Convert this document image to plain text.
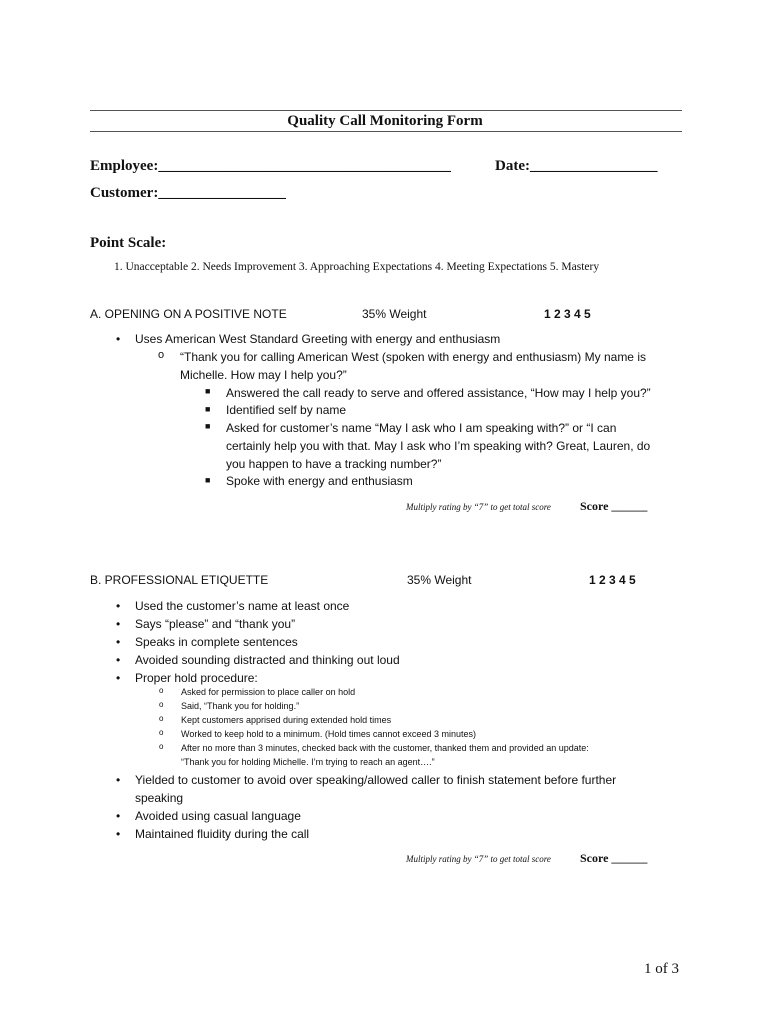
Quality Call Monitoring Form
Employee:_______________________________________	Date:_________________
Customer:_________________
Point Scale:
1. Unacceptable 2. Needs Improvement 3. Approaching Expectations 4. Meeting Expectations 5. Mastery
A. OPENING ON A POSITIVE NOTE	35% Weight	1 2 3 4 5
• Uses American West Standard Greeting with energy and enthusiasm
o “Thank you for calling American West (spoken with energy and enthusiasm) My name is
Michelle. How may I help you?”
■ Answered the call ready to serve and offered assistance, “How may I help you?”
■ Identified self by name
■ Asked for customer’s name “May I ask who I am speaking with?” or “I can
certainly help you with that. May I ask who I’m speaking with? Great, Lauren, do
you happen to have a tracking number?”
■ Spoke with energy and enthusiasm
Multiply rating by “7” to get total score Score ______
B. PROFESSIONAL ETIQUETTE	35% Weight	1 2 3 4 5
• Used the customer’s name at least once
• Says “please” and “thank you”
• Speaks in complete sentences
• Avoided sounding distracted and thinking out loud
• Proper hold procedure:
o Asked for permission to place caller on hold
o Said, “Thank you for holding.”
o Kept customers apprised during extended hold times
o Worked to keep hold to a minimum. (Hold times cannot exceed 3 minutes)
o After no more than 3 minutes, checked back with the customer, thanked them and provided an update:
“Thank you for holding Michelle. I’m trying to reach an agent….”
• Yielded to customer to avoid over speaking/allowed caller to finish statement before further
speaking
• Avoided using casual language
• Maintained fluidity during the call
Multiply rating by “7” to get total score Score ______
1 of 3
